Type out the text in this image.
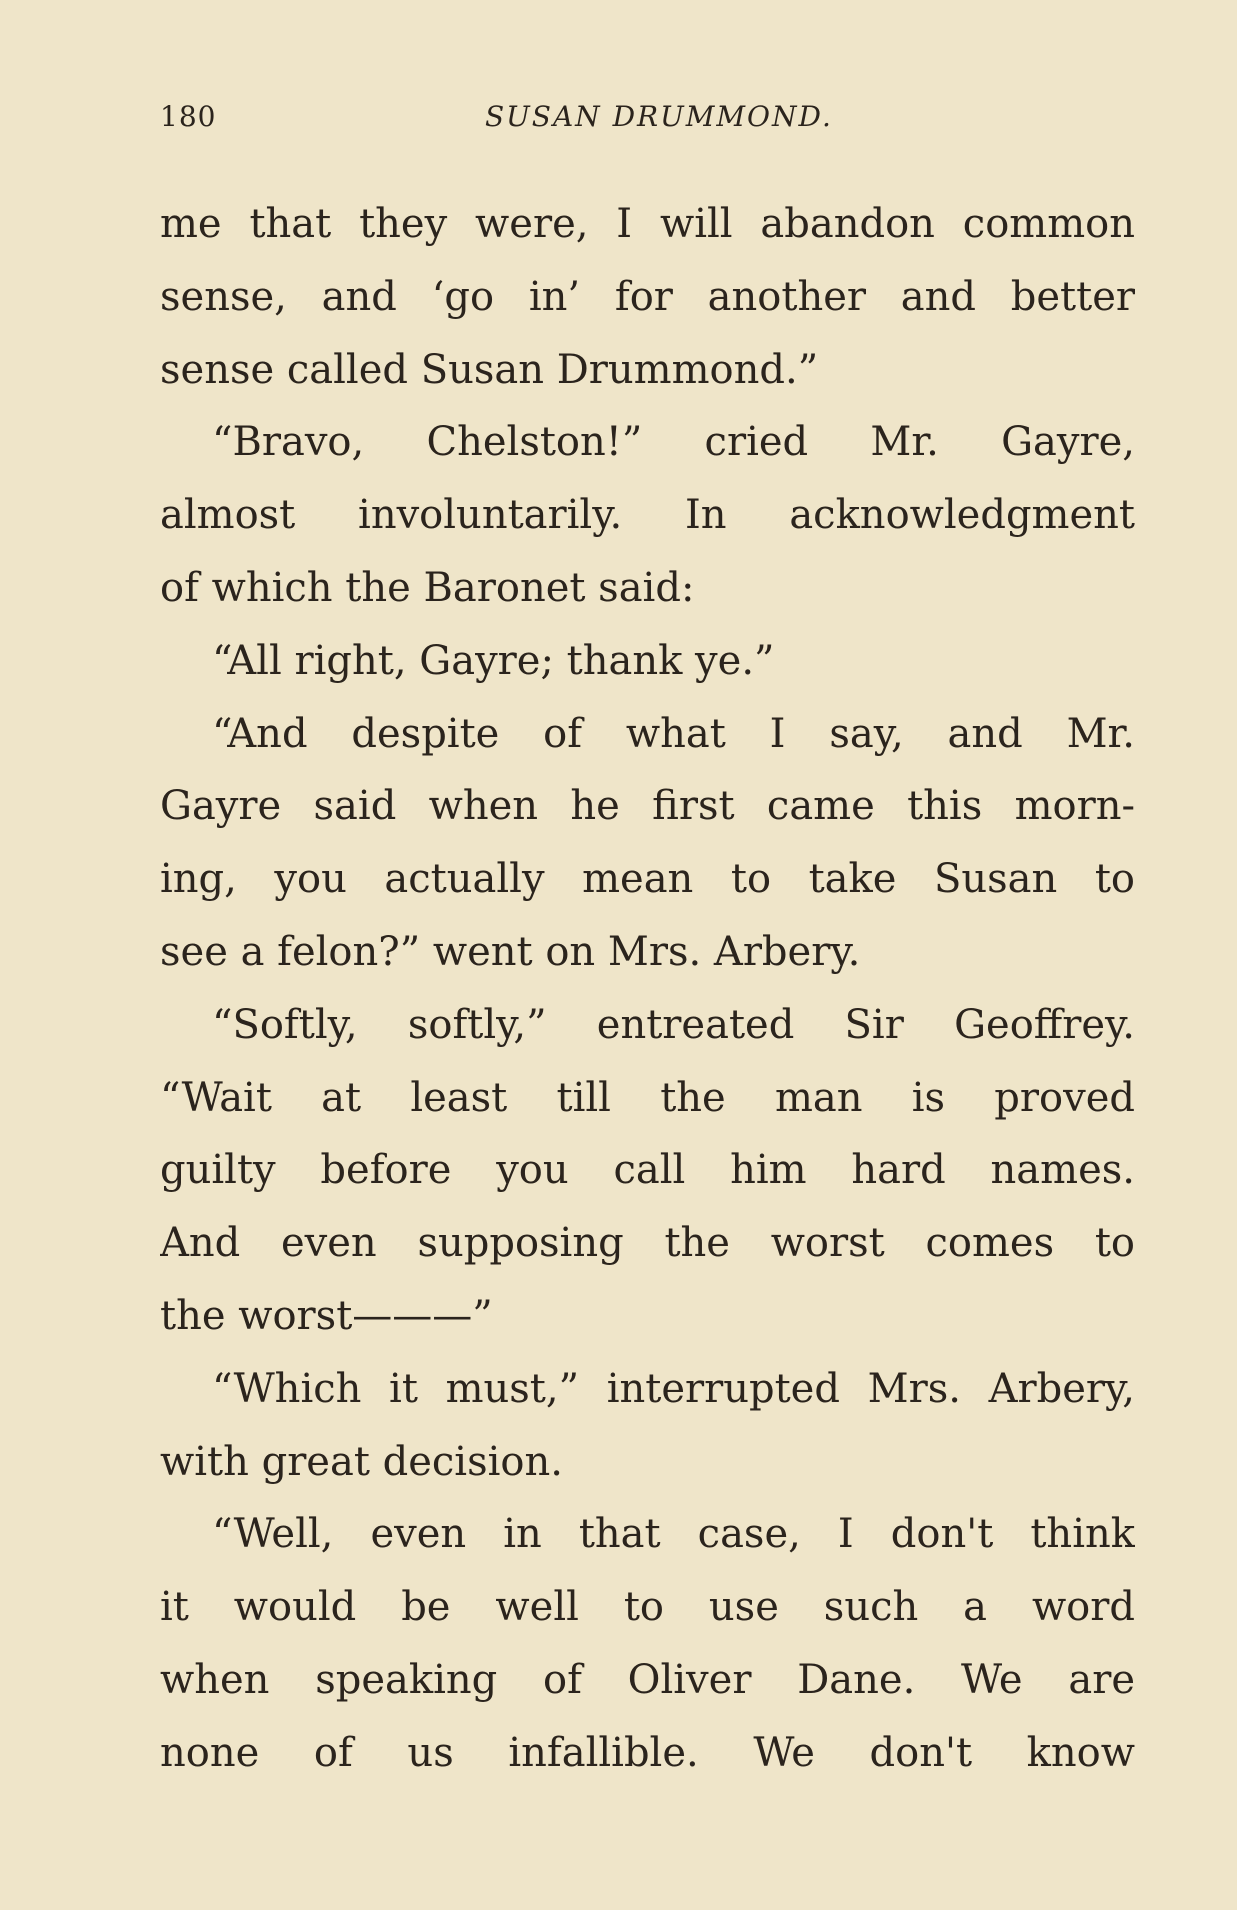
180	SUSAN DRUMMOND.
me that they were, I will abandon common
sense, and ‘go in’ for another and better
sense called Susan Drummond.”
“Bravo, Chelston!” cried Mr. Gayre,
almost involuntarily. In acknowledgment
of which the Baronet said:
“All right, Gayre; thank ye.”
“And despite of what I say, and Mr.
Gayre said when he first came this morn-
ing, you actually mean to take Susan to
see a felon?” went on Mrs. Arbery.
“Softly, softly,” entreated Sir Geoffrey.
“Wait at least till the man is proved
guilty before you call him hard names.
And even supposing the worst comes to
the worst———”
“Which it must,” interrupted Mrs. Arbery,
with great decision.
“Well, even in that case, I don't think
it would be well to use such a word
when speaking of Oliver Dane. We are
none of us infallible. We don't know
